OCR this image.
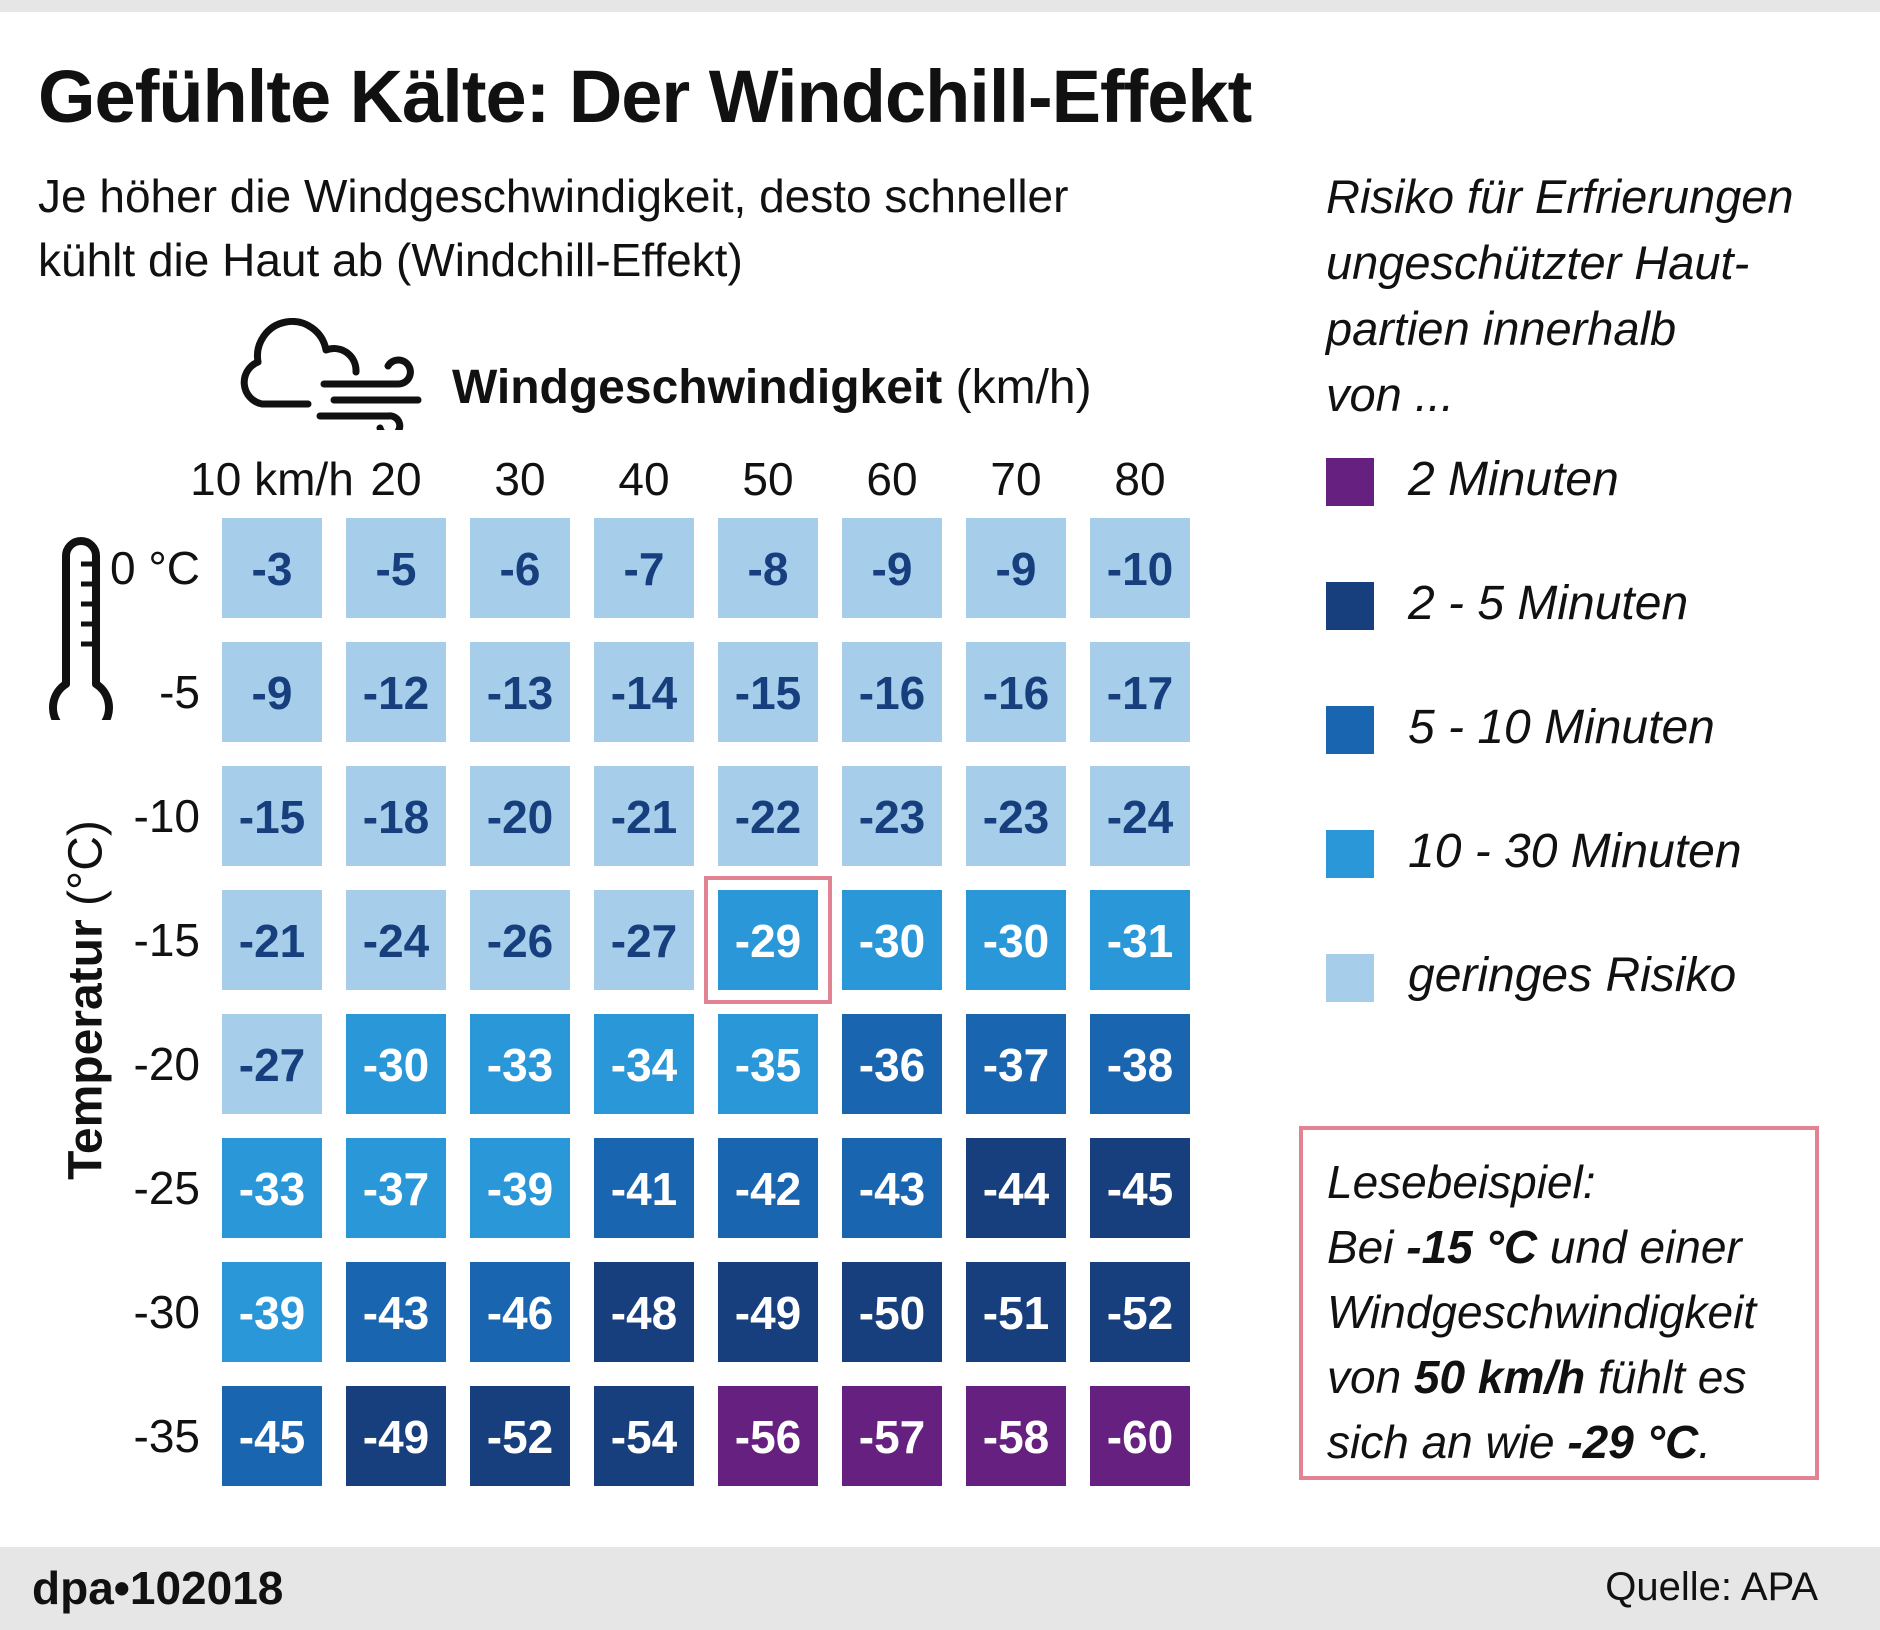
Gefühlte Kälte: Der Windchill-Effekt

Je höher die Windgeschwindigkeit, desto schneller
kühlt die Haut ab (Windchill-Effekt)

Windgeschwindigkeit (km/h)
Temperatur (°C)
10 km/h 20 30 40 50 60 70 80
0 °C
-5
-10
-15
-20
-25
-30
-35
-3 -5 -6 -7 -8 -9 -9 -10
-9 -12 -13 -14 -15 -16 -16 -17
-15 -18 -20 -21 -22 -23 -23 -24
-21 -24 -26 -27 -29 -30 -30 -31
-27 -30 -33 -34 -35 -36 -37 -38
-33 -37 -39 -41 -42 -43 -44 -45
-39 -43 -46 -48 -49 -50 -51 -52
-45 -49 -52 -54 -56 -57 -58 -60

Risiko für Erfrierungen
ungeschützter Haut-
partien innerhalb
von ...

2 Minuten
2 - 5 Minuten
5 - 10 Minuten
10 - 30 Minuten
geringes Risiko
Lesebeispiel:
Bei -15 °C und einer
Windgeschwindigkeit
von 50 km/h fühlt es
sich an wie -29 °C.
dpa•102018	Quelle: APA
